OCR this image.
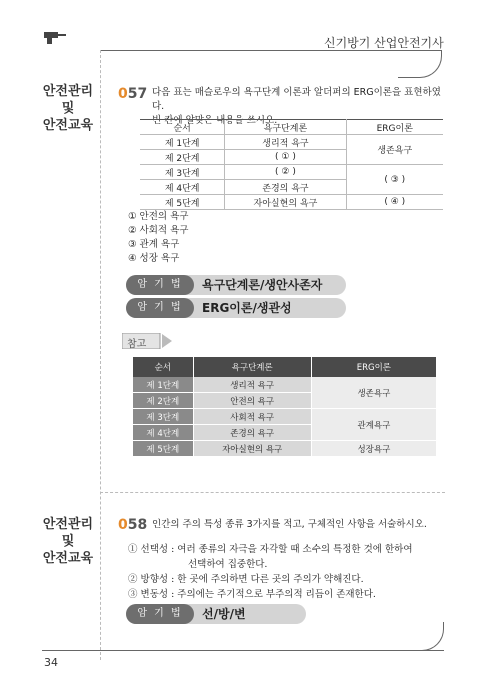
신기방기 산업안전기사
안전관리
및
안전교육
057 다음 표는 매슬로우의 욕구단계 이론과 알더퍼의 ERG이론을 표현하였다.
빈 칸에 알맞은 내용을 쓰시오.
순서	욕구단계론	ERG이론
제 1단계	생리적 욕구	생존욕구
제 2단계	( ① )	
제 3단계	( ② )	( ③ )
제 4단계	존경의 욕구	
제 5단계	자아실현의 욕구	( ④ )
① 안전의 욕구
② 사회적 욕구
③ 관계 욕구
④ 성장 욕구
암 기 법	욕구단계론/생안사존자
암 기 법	ERG이론/생관성
참고
순서	욕구단계론	ERG이론
제 1단계	생리적 욕구	생존욕구
제 2단계	안전의 욕구	
제 3단계	사회적 욕구	관계욕구
제 4단계	존경의 욕구	
제 5단계	자아실현의 욕구	성장욕구
안전관리
및
안전교육
058 인간의 주의 특성 종류 3가지를 적고, 구체적인 사항을 서술하시오.
① 선택성 : 여러 종류의 자극을 자각할 때 소수의 특정한 것에 한하여
선택하여 집중한다.
② 방향성 : 한 곳에 주의하면 다른 곳의 주의가 약해진다.
③ 변동성 : 주의에는 주기적으로 부주의적 리듬이 존재한다.
암 기 법	선/방/변
34
